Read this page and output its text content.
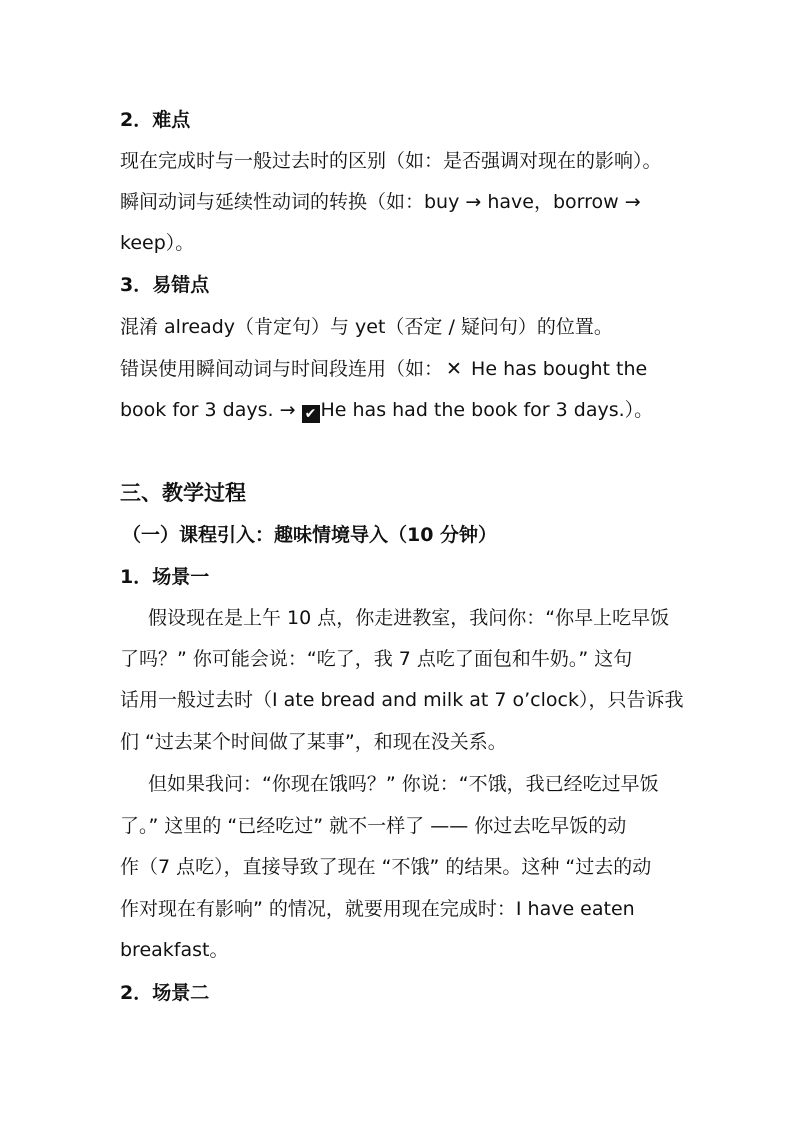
2．难点
现在完成时与一般过去时的区别（如：是否强调对现在的影响）。
瞬间动词与延续性动词的转换（如：buy → have，borrow →
keep）。
3．易错点
混淆 already（肯定句）与 yet（否定 / 疑问句）的位置。
错误使用瞬间动词与时间段连用（如： ✕ He has bought the
book for 3 days. → ✔ He has had the book for 3 days.）。
三、教学过程
（一）课程引入：趣味情境导入（10 分钟）
1．场景一
假设现在是上午 10 点，你走进教室，我问你：“你早上吃早饭
了吗？” 你可能会说：“吃了，我 7 点吃了面包和牛奶。” 这句
话用一般过去时（I ate bread and milk at 7 o’clock），只告诉我
们 “过去某个时间做了某事”，和现在没关系。
但如果我问：“你现在饿吗？” 你说：“不饿，我已经吃过早饭
了。” 这里的 “已经吃过” 就不一样了 —— 你过去吃早饭的动
作（7 点吃），直接导致了现在 “不饿” 的结果。这种 “过去的动
作对现在有影响” 的情况，就要用现在完成时：I have eaten
breakfast。
2．场景二
